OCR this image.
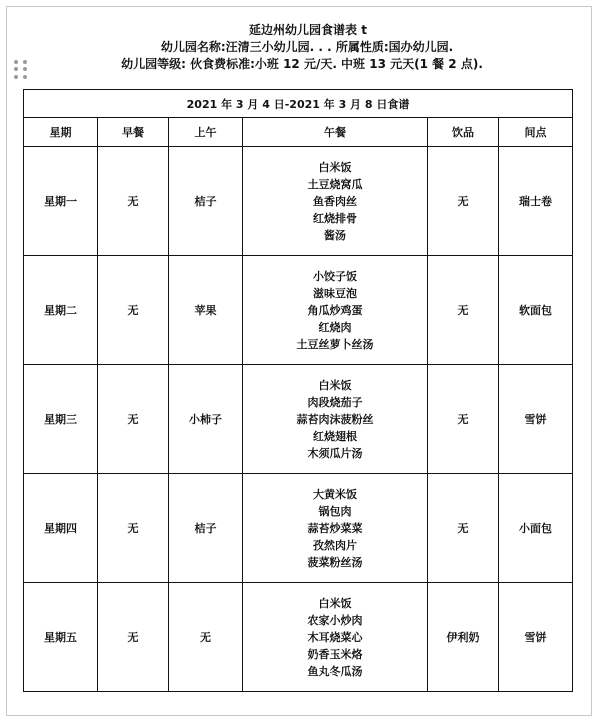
延边州幼儿园食谱表 t
幼儿园名称:汪清三小幼儿园. . . 所属性质:国办幼儿园.
幼儿园等级: 伙食费标准:小班 12 元/天. 中班 13 元天(1 餐 2 点).
2021 年 3 月 4 日-2021 年 3 月 8 日食谱					
星期	早餐	上午	午餐	饮品	间点
星期一	无	桔子	白米饭
土豆烧窝瓜
鱼香肉丝
红烧排骨
酱汤	无	瑞士卷
星期二	无	苹果	小饺子饭
滋味豆泡
角瓜炒鸡蛋
红烧肉
土豆丝萝卜丝汤	无	软面包
星期三	无	小柿子	白米饭
肉段烧茄子
蒜苔肉沫菠粉丝
红烧翅根
木须瓜片汤	无	雪饼
星期四	无	桔子	大黄米饭
锅包肉
蒜苔炒菜菜
孜然肉片
菠菜粉丝汤	无	小面包
星期五	无	无	白米饭
农家小炒肉
木耳烧菜心
奶香玉米烙
鱼丸冬瓜汤	伊利奶	雪饼
